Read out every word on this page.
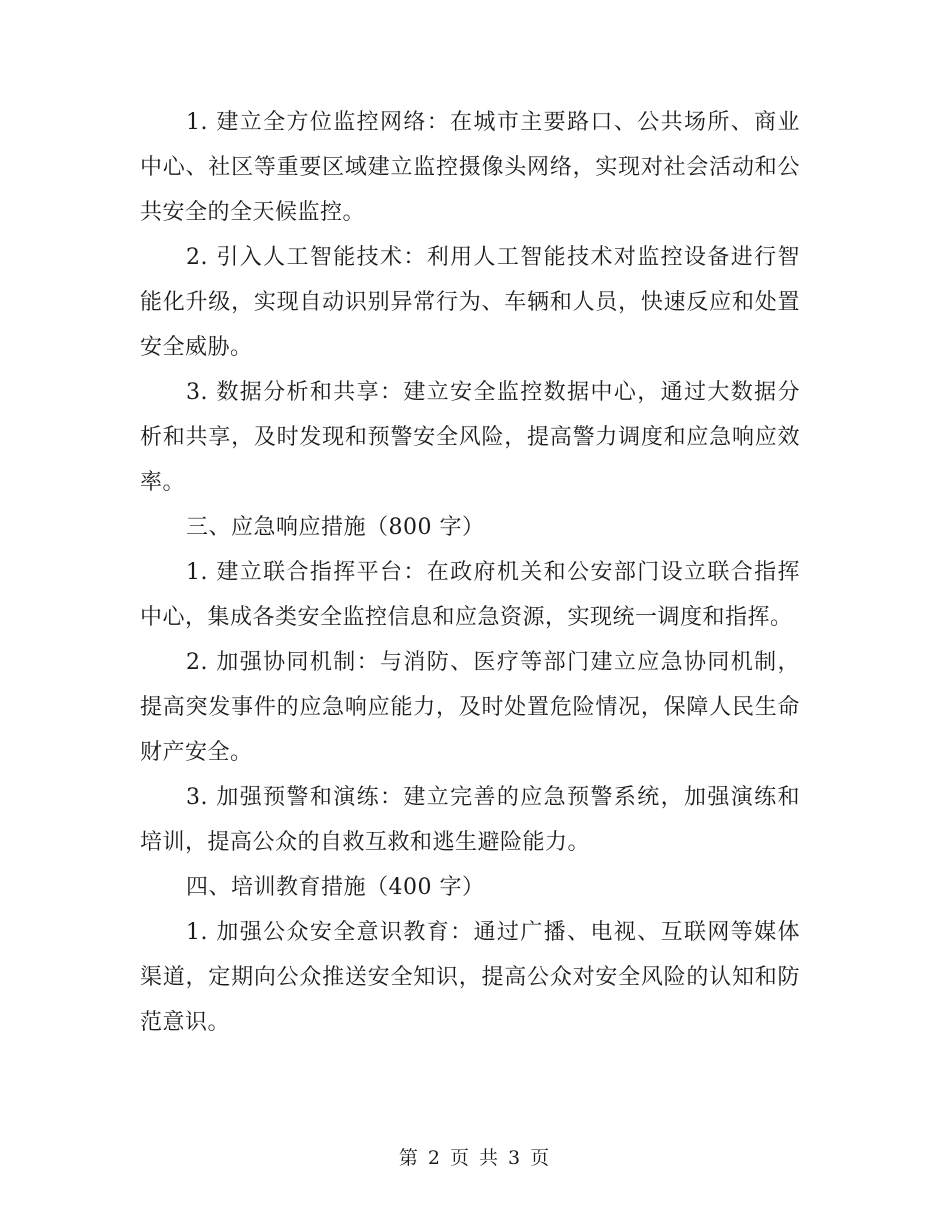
1. 建立全方位监控网络：在城市主要路口、公共场所、商业中心、社区等重要区域建立监控摄像头网络，实现对社会活动和公共安全的全天候监控。

2. 引入人工智能技术：利用人工智能技术对监控设备进行智能化升级，实现自动识别异常行为、车辆和人员，快速反应和处置安全威胁。

3. 数据分析和共享：建立安全监控数据中心，通过大数据分析和共享，及时发现和预警安全风险，提高警力调度和应急响应效率。

三、应急响应措施（800 字）

1. 建立联合指挥平台：在政府机关和公安部门设立联合指挥中心，集成各类安全监控信息和应急资源，实现统一调度和指挥。

2. 加强协同机制：与消防、医疗等部门建立应急协同机制，提高突发事件的应急响应能力，及时处置危险情况，保障人民生命财产安全。

3. 加强预警和演练：建立完善的应急预警系统，加强演练和培训，提高公众的自救互救和逃生避险能力。

四、培训教育措施（400 字）

1. 加强公众安全意识教育：通过广播、电视、互联网等媒体渠道，定期向公众推送安全知识，提高公众对安全风险的认知和防范意识。

第 2 页 共 3 页
